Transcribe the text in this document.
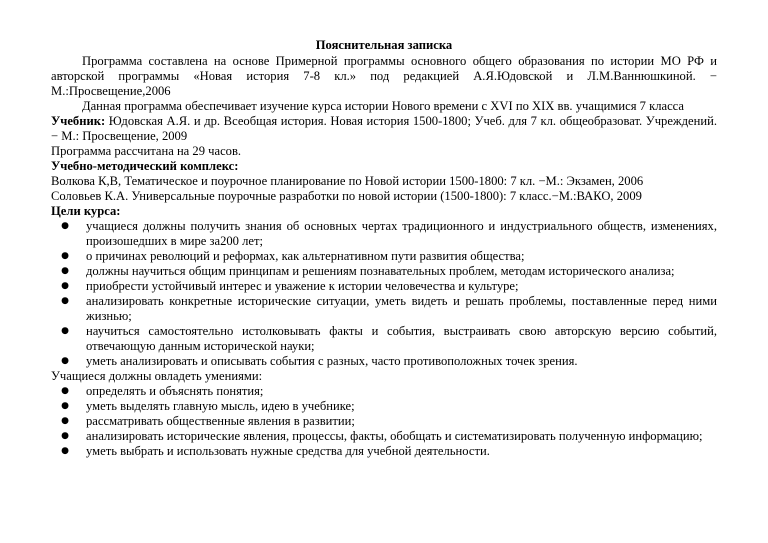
Пояснительная записка

Программа составлена на основе Примерной программы основного общего образования по истории МО РФ и авторской программы «Новая история 7-8 кл.» под редакцией А.Я.Юдовской и Л.М.Ваннюшкиной. − М.:Просвещение,2006

Данная программа обеспечивает изучение курса истории Нового времени с XVI по XIX вв. учащимися 7 класса

Учебник: Юдовская А.Я. и др. Всеобщая история. Новая история 1500-1800; Учеб. для 7 кл. общеобразоват. Учреждений. − М.: Просвещение, 2009

Программа рассчитана на 29 часов.

Учебно-методический комплекс:

Волкова К,В, Тематическое и поурочное планирование по Новой истории 1500-1800: 7 кл. −М.: Экзамен, 2006

Соловьев К.А. Универсальные поурочные разработки по новой истории (1500-1800): 7 класс.−М.:ВАКО, 2009

Цели курса:

● учащиеся должны получить знания об основных чертах традиционного и индустриального обществ, изменениях, произошедших в мире за200 лет;
● о причинах революций и реформах, как альтернативном пути развития общества;
● должны научиться общим принципам и решениям познавательных проблем, методам исторического анализа;
● приобрести устойчивый интерес и уважение к истории человечества и культуре;
● анализировать конкретные исторические ситуации, уметь видеть и решать проблемы, поставленные перед ними жизнью;
● научиться самостоятельно истолковывать факты и события, выстраивать свою авторскую версию событий, отвечающую данным исторической науки;
● уметь анализировать и описывать события с разных, часто противоположных точек зрения.

Учащиеся должны овладеть умениями:

● определять и объяснять понятия;
● уметь выделять главную мысль, идею в учебнике;
● рассматривать общественные явления в развитии;
● анализировать исторические явления, процессы, факты, обобщать и систематизировать полученную информацию;
● уметь выбрать и использовать нужные средства для учебной деятельности.
